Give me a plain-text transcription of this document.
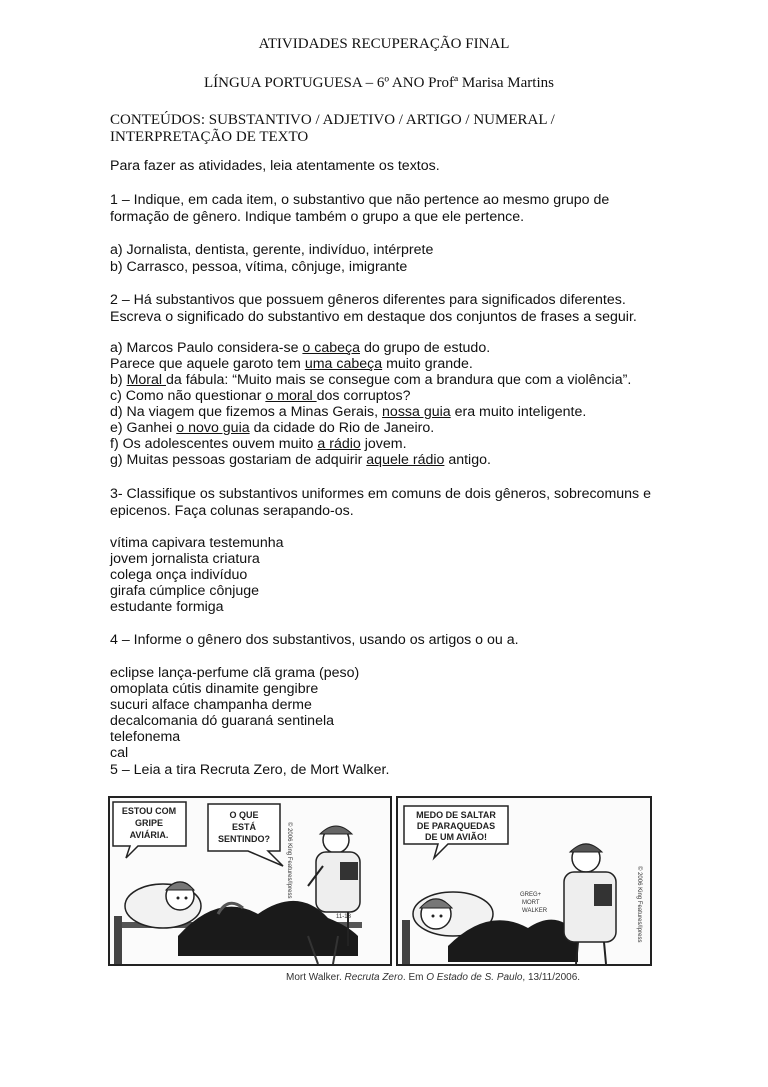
ATIVIDADES RECUPERAÇÃO FINAL
LÍNGUA PORTUGUESA – 6º ANO Profª Marisa Martins
CONTEÚDOS: SUBSTANTIVO / ADJETIVO / ARTIGO / NUMERAL /
INTERPRETAÇÃO DE TEXTO
Para fazer as atividades, leia atentamente os textos.
1 – Indique, em cada item, o substantivo que não pertence ao mesmo grupo de
formação de gênero. Indique também o grupo a que ele pertence.
a) Jornalista, dentista, gerente, indivíduo, intérprete
b) Carrasco, pessoa, vítima, cônjuge, imigrante
2 – Há substantivos que possuem gêneros diferentes para significados diferentes.
Escreva o significado do substantivo em destaque dos conjuntos de frases a seguir.
a) Marcos Paulo considera-se o cabeça do grupo de estudo.
Parece que aquele garoto tem uma cabeça muito grande.
b) Moral da fábula: “Muito mais se consegue com a brandura que com a violência”.
c) Como não questionar o moral dos corruptos?
d) Na viagem que fizemos a Minas Gerais, nossa guia era muito inteligente.
e) Ganhei o novo guia da cidade do Rio de Janeiro.
f) Os adolescentes ouvem muito a rádio jovem.
g) Muitas pessoas gostariam de adquirir aquele rádio antigo.
3- Classifique os substantivos uniformes em comuns de dois gêneros, sobrecomuns e
epicenos. Faça colunas serapando-os.
vítima capivara testemunha
jovem jornalista criatura
colega onça indivíduo
girafa cúmplice cônjuge
estudante formiga
4 – Informe o gênero dos substantivos, usando os artigos o ou a.
eclipse lança-perfume clã grama (peso)
omoplata cútis dinamite gengibre
sucuri alface champanha derme
decalcomania dó guaraná sentinela
telefonema
cal
5 – Leia a tira Recruta Zero, de Mort Walker.
ESTOU COM
GRIPE
AVIÁRIA.
O QUE
ESTÁ
SENTINDO?
11-13
© 2006 King Features/Ipress
MEDO DE SALTAR
DE PARAQUEDAS
DE UM AVIÃO!
GREG+
MORT
WALKER	© 2006 King Features/Ipress
Mort Walker. Recruta Zero. Em O Estado de S. Paulo, 13/11/2006.
